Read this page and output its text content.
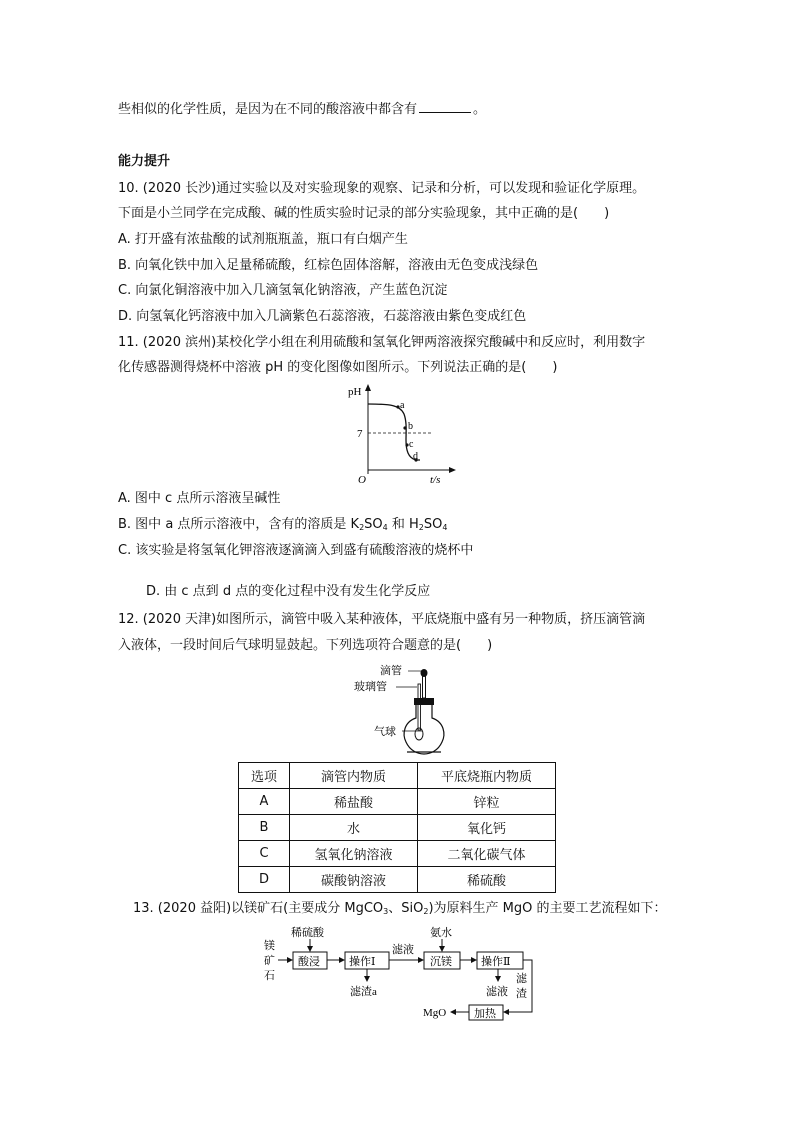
些相似的化学性质，是因为在不同的酸溶液中都含有	。
能力提升
10. (2020 长沙)通过实验以及对实验现象的观察、记录和分析，可以发现和验证化学原理。
下面是小兰同学在完成酸、碱的性质实验时记录的部分实验现象，其中正确的是(　　)
A. 打开盛有浓盐酸的试剂瓶瓶盖，瓶口有白烟产生
B. 向氧化铁中加入足量稀硫酸，红棕色固体溶解，溶液由无色变成浅绿色
C. 向氯化铜溶液中加入几滴氢氧化钠溶液，产生蓝色沉淀
D. 向氢氧化钙溶液中加入几滴紫色石蕊溶液，石蕊溶液由紫色变成红色
11. (2020 滨州)某校化学小组在利用硫酸和氢氧化钾两溶液探究酸碱中和反应时，利用数字
化传感器测得烧杯中溶液 pH 的变化图像如图所示。下列说法正确的是(　　)
pH
t/s
O
7
a
b
c
d
A. 图中 c 点所示溶液呈碱性
B. 图中 a 点所示溶液中，含有的溶质是 $K_2SO_4$ 和 $H_2SO_4$
C. 该实验是将氢氧化钾溶液逐滴滴入到盛有硫酸溶液的烧杯中
D. 由 c 点到 d 点的变化过程中没有发生化学反应
12. (2020 天津)如图所示，滴管中吸入某种液体，平底烧瓶中盛有另一种物质，挤压滴管滴
入液体，一段时间后气球明显鼓起。下列选项符合题意的是(　　)
滴管
玻璃管
气球
选项	滴管内物质	平底烧瓶内物质
A	稀盐酸	锌粒
B	水	氧化钙
C	氢氧化钠溶液	二氧化碳气体
D	碳酸钠溶液	稀硫酸
13. (2020 益阳)以镁矿石(主要成分 MgCO$_3$、SiO$_2$)为原料生产 MgO 的主要工艺流程如下：
镁
矿
石
稀硫酸
酸浸	操作Ⅰ
滤渣a
滤液
氨水
沉镁	操作Ⅱ
滤液
滤
渣
加热
MgO
